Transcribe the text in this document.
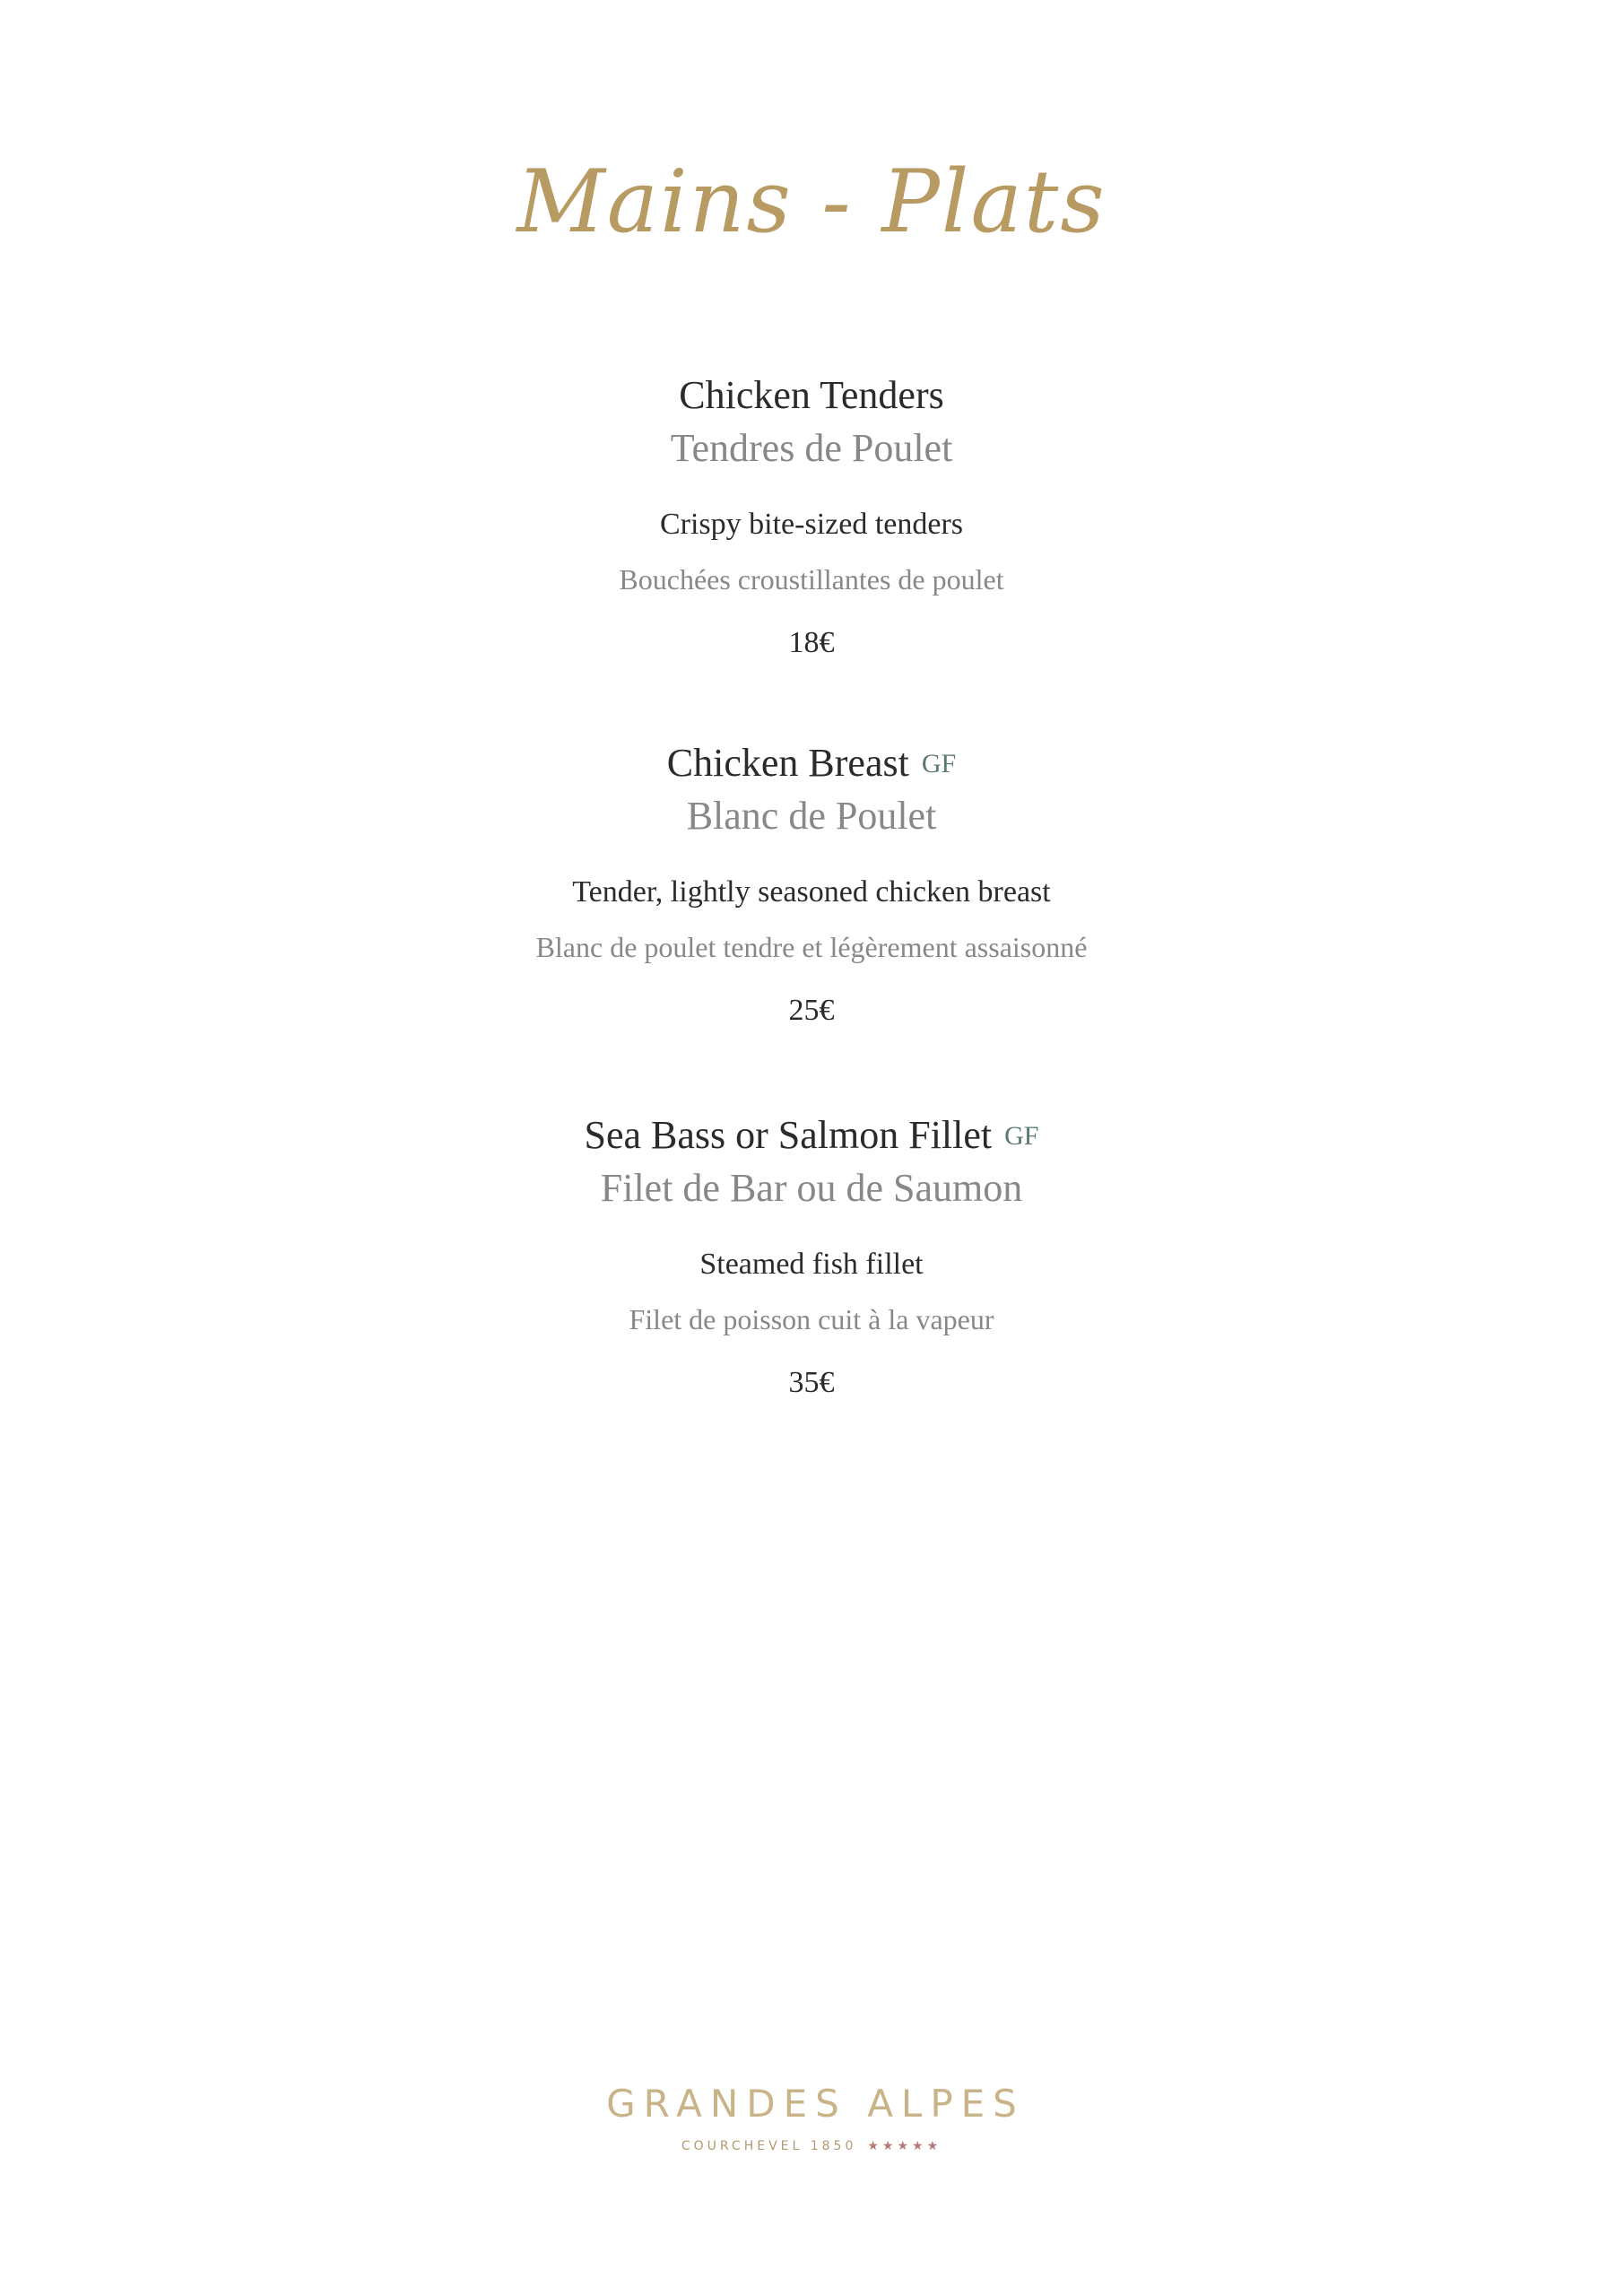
Mains - Plats
Chicken Tenders
Tendres de Poulet
Crispy bite-sized tenders
Bouchées croustillantes de poulet
18€
Chicken Breast GF
Blanc de Poulet
Tender, lightly seasoned chicken breast
Blanc de poulet tendre et légèrement assaisonné
25€
Sea Bass or Salmon Fillet GF
Filet de Bar ou de Saumon
Steamed fish fillet
Filet de poisson cuit à la vapeur
35€
GRANDES ALPES
COURCHEVEL 1850 ★★★★★
